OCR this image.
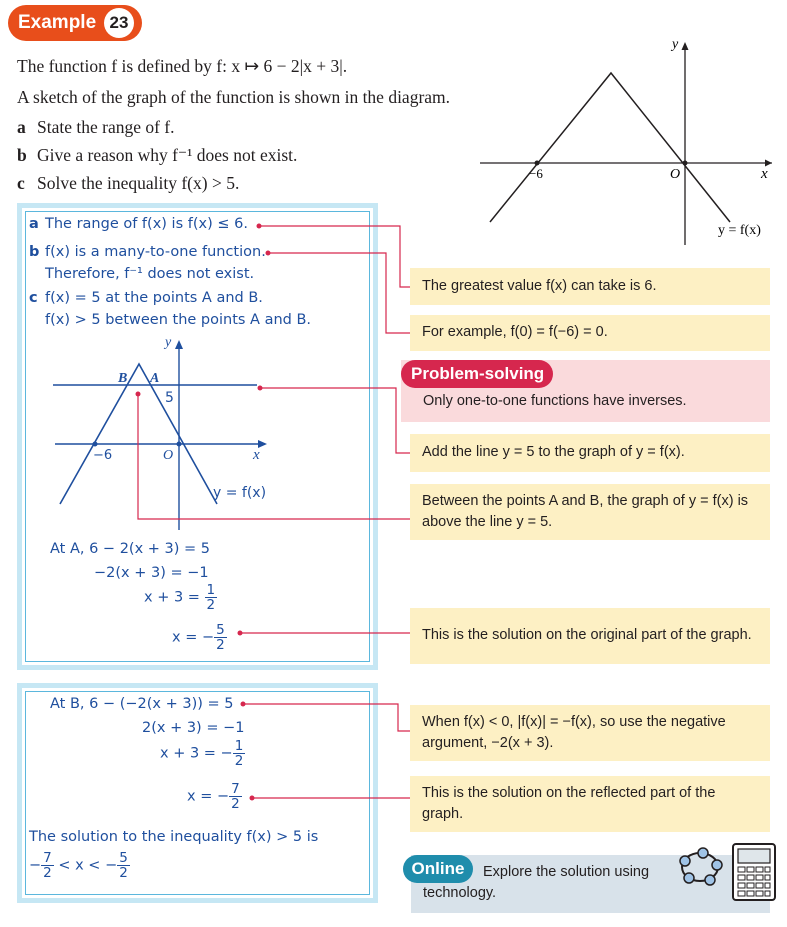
Example 23
The function f is defined by f: x ↦ 6 − 2|x + 3|.
A sketch of the graph of the function is shown in the diagram.
a State the range of f.
b Give a reason why f⁻¹ does not exist.
c Solve the inequality f(x) > 5.	−6	O	x
y
y = f(x)
a The range of f(x) is f(x) ≤ 6.
b f(x) is a many-to-one function.
Therefore, f⁻¹ does not exist.
c f(x) = 5 at the points A and B.
f(x) > 5 between the points A and B.
y
B A
5
−6	O	x
y = f(x)
At A, 6 − 2(x + 3) = 5
−2(x + 3) = −1
$x + 3 = \frac{1}{2}$
x = − $\frac{5}{2}$
At B, 6 − (−2(x + 3)) = 5
2(x + 3) = −1
x + 3 = − $\frac{1}{2}$
x = − $\frac{7}{2}$
The solution to the inequality f(x) > 5 is
− $\frac{7}{2} < x$ < − $\frac{5}{2}$
The greatest value f(x) can take is 6.
For example, f(0) = f(−6) = 0.
Only one-to-one functions have inverses.
Problem-solving
Add the line y = 5 to the graph of y = f(x).
Between the points A and B, the graph of y = f(x) is above the line y = 5.
This is the solution on the original part of the graph.
When f(x) < 0, |f(x)| = −f(x), so use the negative argument, −2(x + 3).
This is the solution on the reflected part of the graph.
Online	Explore the solution using technology.
